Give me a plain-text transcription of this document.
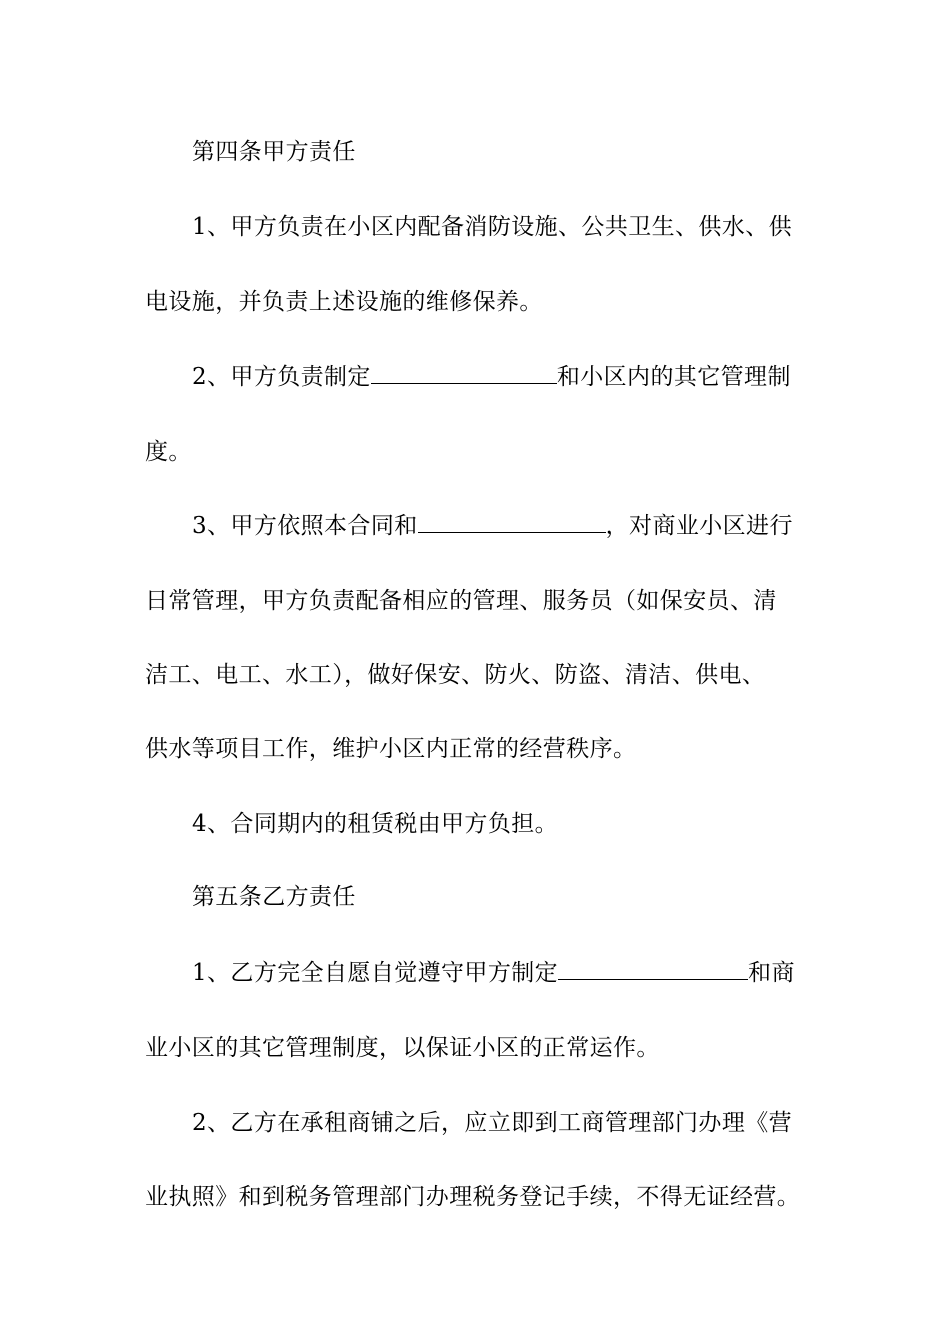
第四条甲方责任
1、甲方负责在小区内配备消防设施、公共卫生、供水、供
电设施，并负责上述设施的维修保养。
2、甲方负责制定	和小区内的其它管理制
度。
3、甲方依照本合同和	，对商业小区进行
日常管理，甲方负责配备相应的管理、服务员（如保安员、清
洁工、电工、水工），做好保安、防火、防盗、清洁、供电、
供水等项目工作，维护小区内正常的经营秩序。
4、合同期内的租赁税由甲方负担。
第五条乙方责任
1、乙方完全自愿自觉遵守甲方制定	和商
业小区的其它管理制度，以保证小区的正常运作。
2、乙方在承租商铺之后，应立即到工商管理部门办理《营
业执照》和到税务管理部门办理税务登记手续，不得无证经营。
